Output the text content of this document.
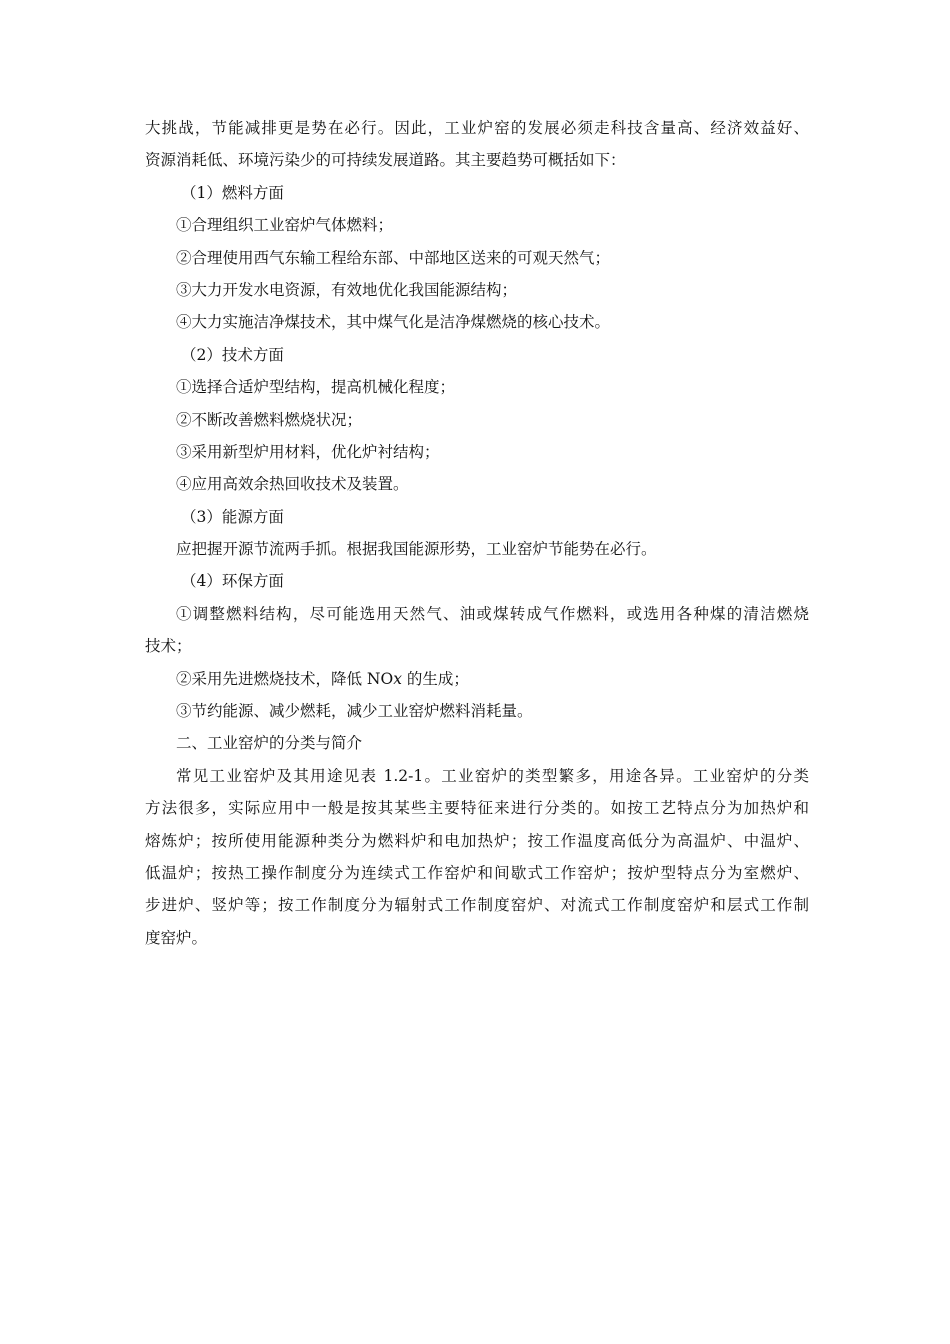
大挑战，节能减排更是势在必行。因此，工业炉窑的发展必须走科技含量高、经济效益好、
资源消耗低、环境污染少的可持续发展道路。其主要趋势可概括如下：
（1）燃料方面
①合理组织工业窑炉气体燃料；
②合理使用西气东输工程给东部、中部地区送来的可观天然气；
③大力开发水电资源，有效地优化我国能源结构；
④大力实施洁净煤技术，其中煤气化是洁净煤燃烧的核心技术。
（2）技术方面
①选择合适炉型结构，提高机械化程度；
②不断改善燃料燃烧状况；
③采用新型炉用材料，优化炉衬结构；
④应用高效余热回收技术及装置。
（3）能源方面
应把握开源节流两手抓。根据我国能源形势，工业窑炉节能势在必行。
（4）环保方面
①调整燃料结构，尽可能选用天然气、油或煤转成气作燃料，或选用各种煤的清洁燃烧
技术；
②采用先进燃烧技术，降低 NOx 的生成；
③节约能源、减少燃耗，减少工业窑炉燃料消耗量。
二、工业窑炉的分类与简介
常见工业窑炉及其用途见表 1.2-1。工业窑炉的类型繁多，用途各异。工业窑炉的分类
方法很多，实际应用中一般是按其某些主要特征来进行分类的。如按工艺特点分为加热炉和
熔炼炉；按所使用能源种类分为燃料炉和电加热炉；按工作温度高低分为高温炉、中温炉、
低温炉；按热工操作制度分为连续式工作窑炉和间歇式工作窑炉；按炉型特点分为室燃炉、
步进炉、竖炉等；按工作制度分为辐射式工作制度窑炉、对流式工作制度窑炉和层式工作制
度窑炉。
